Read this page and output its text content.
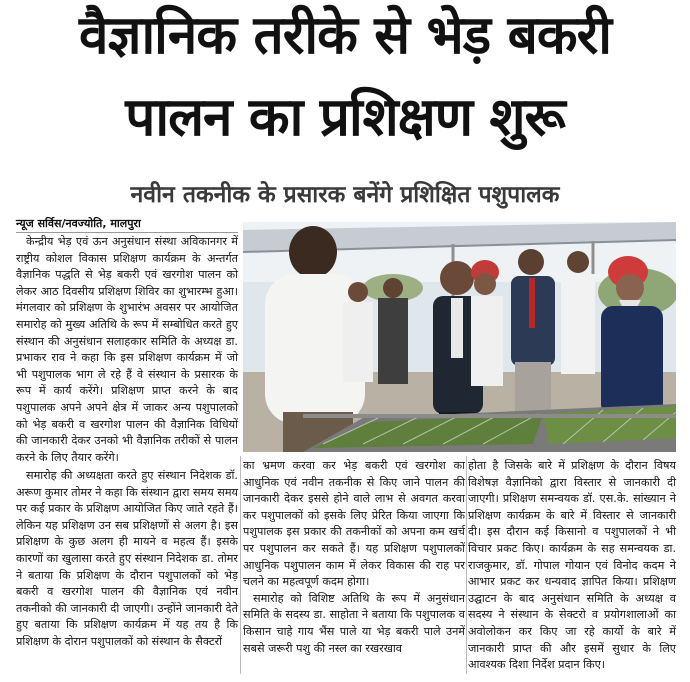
वैज्ञानिक तरीके से भेड़ बकरी
पालन का प्रशिक्षण शुरू
नवीन तकनीक के प्रसारक बनेंगे प्रशिक्षित पशुपालक
न्यूज सर्विस/नवज्योति, मालपुरा

केन्द्रीय भेड़ एवं ऊन अनुसंधान संस्था अविकानगर में राष्ट्रीय कोशल विकास प्रशिक्षण कार्यक्रम के अन्तर्गत वैज्ञानिक पद्धति से भेड़ बकरी एवं खरगोश पालन को लेकर आठ दिवसीय प्रशिक्षण शिविर का शुभारम्भ हुआ। मंगलवार को प्रशिक्षण के शुभारंभ अवसर पर आयोजित समारोह को मुख्य अतिथि के रूप में सम्बोधित करते हुए संस्थान की अनुसंधान सलाहकार समिति के अध्यक्ष डा. प्रभाकर राव ने कहा कि इस प्रशिक्षण कार्यक्रम में जो भी पशुपालक भाग ले रहे हैं वे संस्थान के प्रसारक के रूप में कार्य करेंगे। प्रशिक्षण प्राप्त करने के बाद पशुपालक अपने अपने क्षेत्र में जाकर अन्य पशुपालको को भेड़ बकरी व खरगोश पालन की वैज्ञानिक विधियों की जानकारी देकर उनको भी वैज्ञानिक तरीकों से पालन करने के लिए तैयार करेंगे।

समारोह की अध्यक्षता करते हुए संस्थान निदेशक डॉ. अरूण कुमार तोमर ने कहा कि संस्थान द्वारा समय समय पर कई प्रकार के प्रशिक्षण आयोजित किए जाते रहते हैं। लेकिन यह प्रशिक्षण उन सब प्रशिक्षणों से अलग है। इस प्रशिक्षण के कुछ अलग ही मायने व महत्व हैं। इसके कारणों का खुलासा करते हुए संस्थान निदेशक डा. तोमर ने बताया कि प्रशिक्षण के दौरान पशुपालकों को भेड़ बकरी व खरगोश पालन की वैज्ञानिक एवं नवीन तकनीको की जानकारी दी जाएगी। उन्होंने जानकारी देते हुए बताया कि प्रशिक्षण कार्यक्रम में यह तय है कि प्रशिक्षण के दोरान पशुपालकों को संस्थान के सैक्टरों

का भ्रमण करवा कर भेड़ बकरी एवं खरगोश का आधुनिक एवं नवीन तकनीक से किए जाने पालन की जानकारी देकर इससे होने वाले लाभ से अवगत करवा कर पशुपालकों को इसके लिए प्रेरित किया जाएगा कि पशुपालक इस प्रकार की तकनीकों को अपना कम खर्च पर पशुपालन कर सकते हैं। यह प्रशिक्षण पशुपालकों आधुनिक पशुपालन काम में लेकर विकास की राह पर चलने का महत्वपूर्ण कदम होगा।

समारोह को विशिष्ट अतिथि के रूप में अनुसंधान समिति के सदस्य डा. साहोता ने बताया कि पशुपालक व किसान चाहे गाय भैंस पाले या भेड़ बकरी पाले उनमें सबसे जरूरी पशु की नस्ल का रखरखाव

होता है जिसके बारे में प्रशिक्षण के दौरान विषय विशेषज्ञ वैज्ञानिको द्वारा विस्तार से जानकारी दी जाएगी। प्रशिक्षण समन्वयक डॉ. एस.के. सांख्यान ने प्रशिक्षण कार्यक्रम के बारे में विस्तार से जानकारी दी। इस दौरान कई किसानो व पशुपालकों ने भी विचार प्रकट किए। कार्यक्रम के सह समन्वयक डा. राजकुमार, डॉ. गोपाल गोयान एवं विनोद कदम ने आभार प्रकट कर धन्यवाद ज्ञापित किया। प्रशिक्षण उद्घाटन के बाद अनुसंधान समिति के अध्यक्ष व सदस्य ने संस्थान के सेक्टरो व प्रयोगशालाओं का अवोलोकन कर किए जा रहे कार्यो के बारे में जानकारी प्राप्त की और इसमें सुधार के लिए आवश्यक दिशा निर्देश प्रदान किए।
